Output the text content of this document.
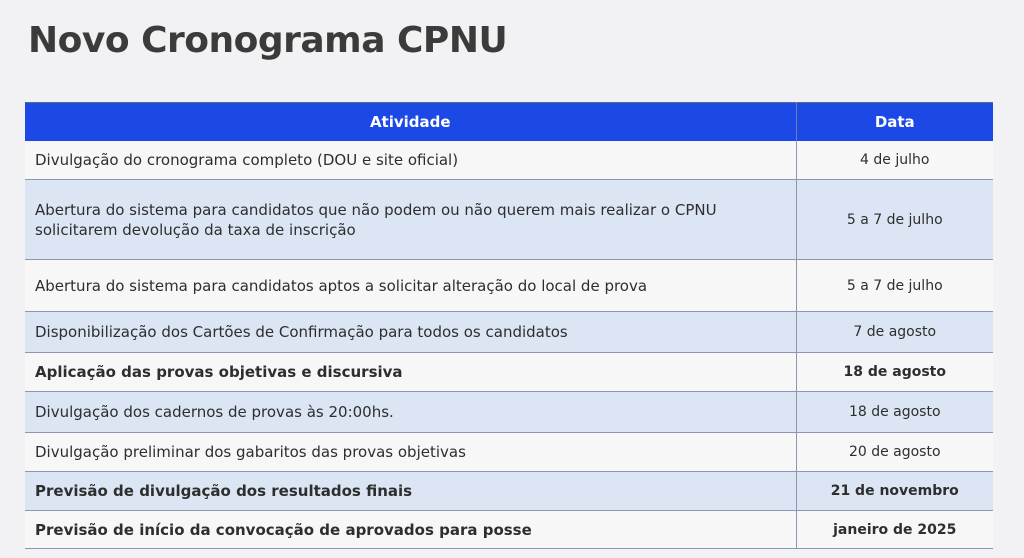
Novo Cronograma CPNU
Atividade	Data
Divulgação do cronograma completo (DOU e site oficial)	4 de julho
Abertura do sistema para candidatos que não podem ou não querem mais realizar o CPNU solicitarem devolução da taxa de inscrição	5 a 7 de julho
Abertura do sistema para candidatos aptos a solicitar alteração do local de prova	5 a 7 de julho
Disponibilização dos Cartões de Confirmação para todos os candidatos	7 de agosto
Aplicação das provas objetivas e discursiva	18 de agosto
Divulgação dos cadernos de provas às 20:00hs.	18 de agosto
Divulgação preliminar dos gabaritos das provas objetivas	20 de agosto
Previsão de divulgação dos resultados finais	21 de novembro
Previsão de início da convocação de aprovados para posse	janeiro de 2025
